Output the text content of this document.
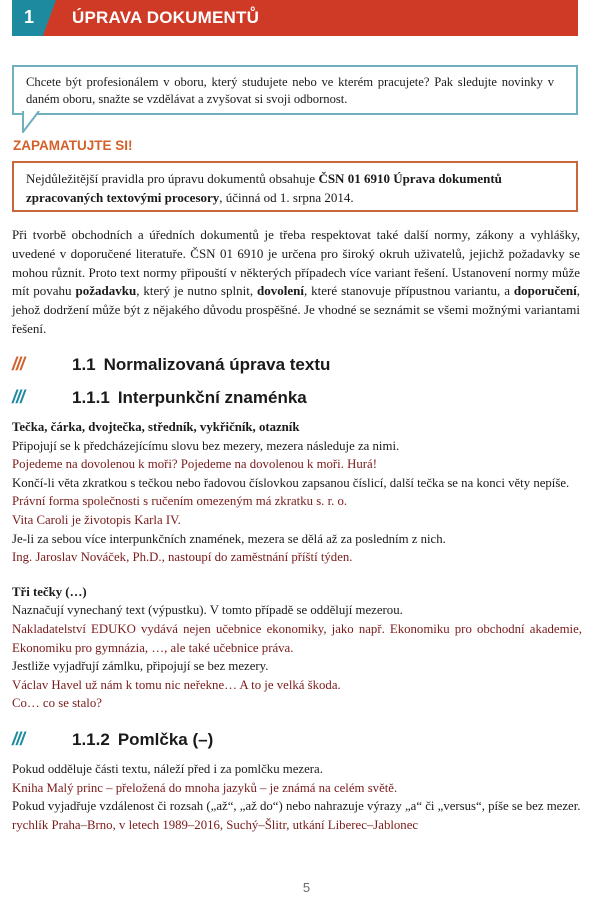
1 ÚPRAVA DOKUMENTŮ

Chcete být profesionálem v oboru, který studujete nebo ve kterém pracujete? Pak sledujte novinky v daném oboru, snažte se vzdělávat a zvyšovat si svoji odbornost.

ZAPAMATUJTE SI!

Nejdůležitější pravidla pro úpravu dokumentů obsahuje ČSN 01 6910 Úprava dokumentů zpracovaných textovými procesory, účinná od 1. srpna 2014.

Při tvorbě obchodních a úředních dokumentů je třeba respektovat také další normy, zákony a vyhlášky, uvedené v doporučené literatuře. ČSN 01 6910 je určena pro široký okruh uživatelů, jejichž požadavky se mohou různit. Proto text normy připouští v některých případech více variant řešení. Ustanovení normy může mít povahu požadavku, který je nutno splnit, dovolení, které stanovuje přípustnou variantu, a doporučení, jehož dodržení může být z nějakého důvodu prospěšné. Je vhodné se seznámit se všemi možnými variantami řešení.

///	1.1 Normalizovaná úprava textu
///	1.1.1 Interpunkční znaménka

Tečka, čárka, dvojtečka, středník, vykřičník, otazník

Připojují se k předcházejícímu slovu bez mezery, mezera následuje za nimi.

Pojedeme na dovolenou k moři? Pojedeme na dovolenou k moři. Hurá!

Končí-li věta zkratkou s tečkou nebo řadovou číslovkou zapsanou číslicí, další tečka se na konci věty nepíše.

Právní forma společnosti s ručením omezeným má zkratku s. r. o.

Vita Caroli je životopis Karla IV.

Je-li za sebou více interpunkčních znamének, mezera se dělá až za posledním z nich.

Ing. Jaroslav Nováček, Ph.D., nastoupí do zaměstnání příští týden.

Tři tečky (…)

Naznačují vynechaný text (výpustku). V tomto případě se oddělují mezerou.

Nakladatelství EDUKO vydává nejen učebnice ekonomiky, jako např. Ekonomiku pro obchodní akademie, Ekonomiku pro gymnázia, …, ale také učebnice práva.

Jestliže vyjadřují zámlku, připojují se bez mezery.

Václav Havel už nám k tomu nic neřekne… A to je velká škoda.

Co… co se stalo?

///	1.1.2 Pomlčka (–)

Pokud odděluje části textu, náleží před i za pomlčku mezera.

Kniha Malý princ – přeložená do mnoha jazyků – je známá na celém světě.

Pokud vyjadřuje vzdálenost či rozsah („až“, „až do“) nebo nahrazuje výrazy „a“ či „versus“, píše se bez mezer.

rychlík Praha–Brno, v letech 1989–2016, Suchý–Šlitr, utkání Liberec–Jablonec

5
